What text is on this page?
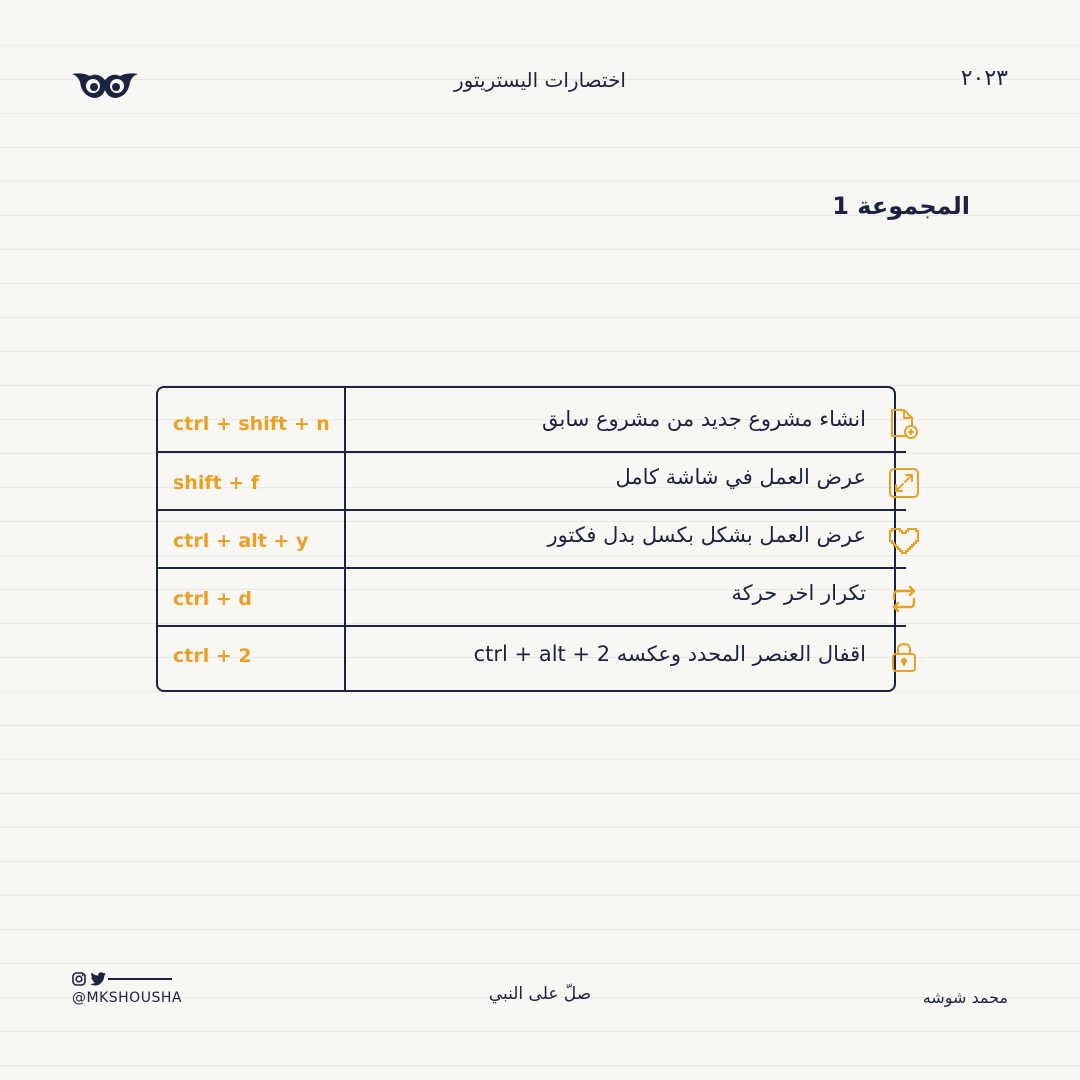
اختصارات اليستريتور	٢٠٢٣
المجموعة 1
ctrl + shift + n	انشاء مشروع جديد من مشروع سابق
shift + f	عرض العمل في شاشة كامل
ctrl + alt + y	عرض العمل بشكل بكسل بدل فكتور
ctrl + d	تكرار اخر حركة
ctrl + 2	اقفال العنصر المحدد وعكسه ctrl + alt + 2
@MKSHOUSHA	صلّ على النبي	محمد شوشه
